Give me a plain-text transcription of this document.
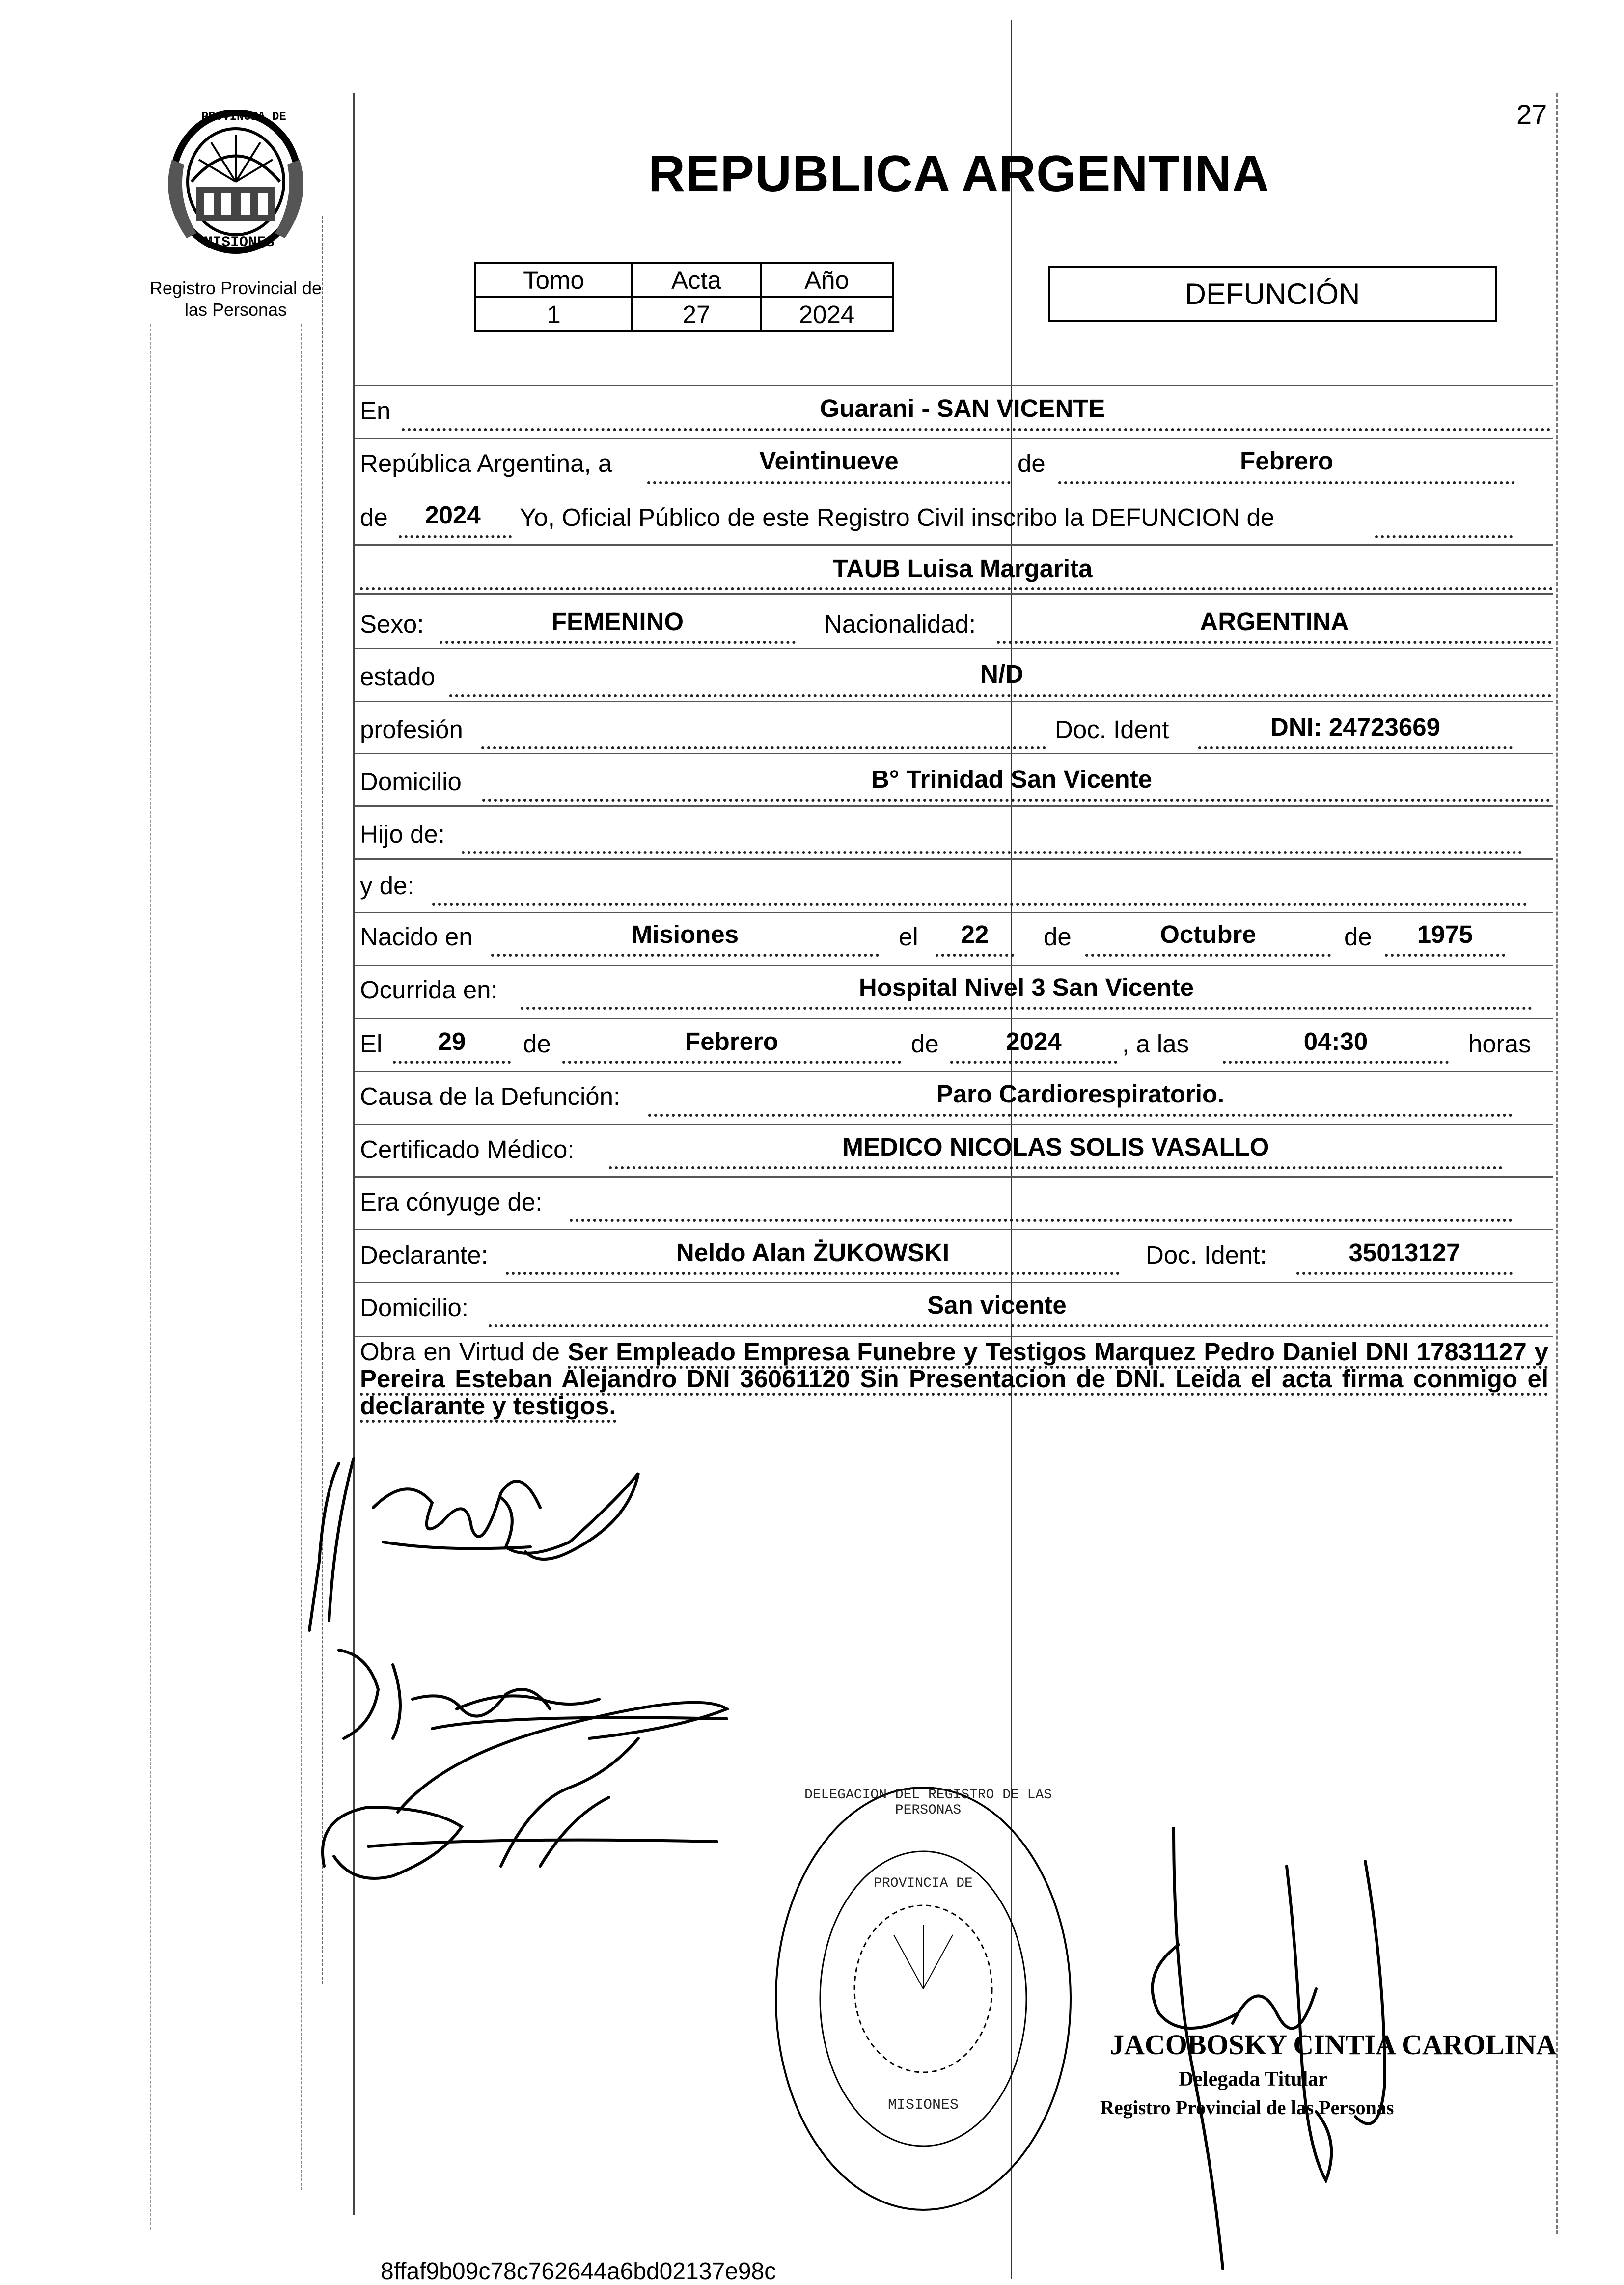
27
PROVINCIA DE
MISIONES
Registro Provincial de
las Personas
REPUBLICA ARGENTINA
Tomo	Acta	Año
1	27	2024
DEFUNCIÓN
En	Guarani - SAN VICENTE
República Argentina, a	Veintinueve	de	Febrero
de	2024	Yo, Oficial Público de este Registro Civil inscribo la DEFUNCION de
TAUB Luisa Margarita
Sexo:	FEMENINO	Nacionalidad:	ARGENTINA
estado	N/D
profesión	Doc. Ident	DNI: 24723669
Domicilio	B° Trinidad San Vicente
Hijo de:
y de:
Nacido en	Misiones	el	22	de	Octubre	de	1975
Ocurrida en:	Hospital Nivel 3 San Vicente
El	29	de	Febrero	de	2024	, a las	04:30	horas
Causa de la Defunción:	Paro Cardiorespiratorio.
Certificado Médico:	MEDICO NICOLAS SOLIS VASALLO
Era cónyuge de:
Declarante:	Neldo Alan ŻUKOWSKI	Doc. Ident:	35013127
Domicilio:	San vicente
Obra en Virtud de Ser Empleado Empresa Funebre y Testigos Marquez Pedro Daniel DNI 17831127 y Pereira Esteban Alejandro DNI 36061120 Sin Presentacion de DNI. Leida el acta firma conmigo el declarante y testigos.
DELEGACION DEL REGISTRO DE LAS PERSONAS
PROVINCIA DE
MISIONES
JACOBOSKY CINTIA CAROLINA
Delegada Titular
Registro Provincial de las Personas
8ffaf9b09c78c762644a6bd02137e98c
